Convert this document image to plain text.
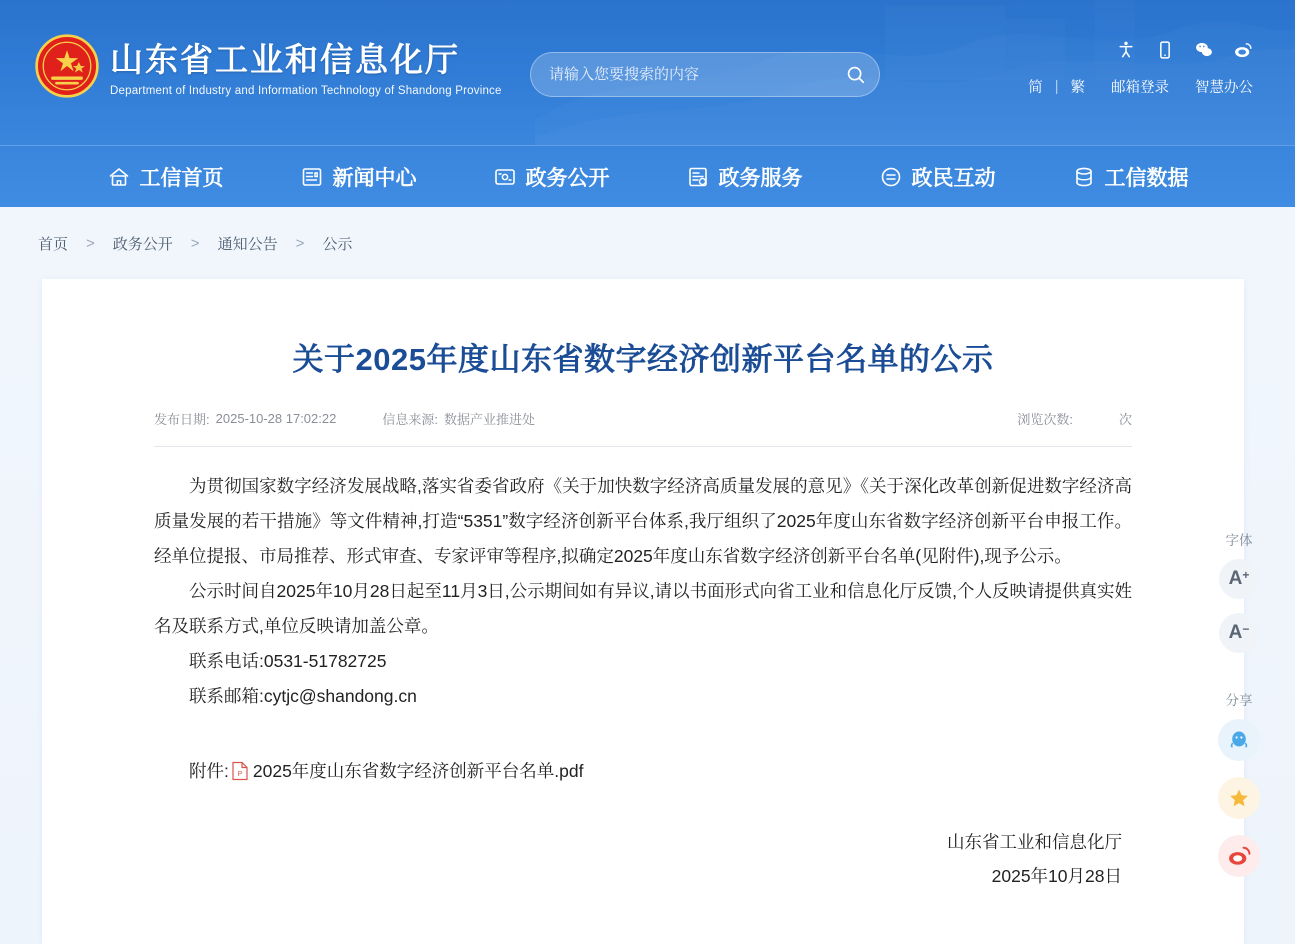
山东省工业和信息化厅
Department of Industry and Information Technology of Shandong Province
请输入您要搜索的内容	简 | 繁 邮箱登录 智慧办公
工信首页	新闻中心	政务公开	政务服务	政民互动	工信数据
首页 > 政务公开 > 通知公告 > 公示
关于2025年度山东省数字经济创新平台名单的公示
发布日期: 2025-10-28 17:02:22	信息来源: 数据产业推进处	浏览次数:	次

为贯彻国家数字经济发展战略,落实省委省政府《关于加快数字经济高质量发展的意见》《关于深化改革创新促进数字经济高质量发展的若干措施》等文件精神,打造“5351”数字经济创新平台体系,我厅组织了2025年度山东省数字经济创新平台申报工作。经单位提报、市局推荐、形式审查、专家评审等程序,拟确定2025年度山东省数字经济创新平台名单(见附件),现予公示。

公示时间自2025年10月28日起至11月3日,公示期间如有异议,请以书面形式向省工业和信息化厅反馈,个人反映请提供真实姓名及联系方式,单位反映请加盖公章。

联系电话:0531-51782725

联系邮箱:cytjc@shandong.cn

附件: P 2025年度山东省数字经济创新平台名单.pdf
山东省工业和信息化厅
2025年10月28日
字体
A+
A−
分享
